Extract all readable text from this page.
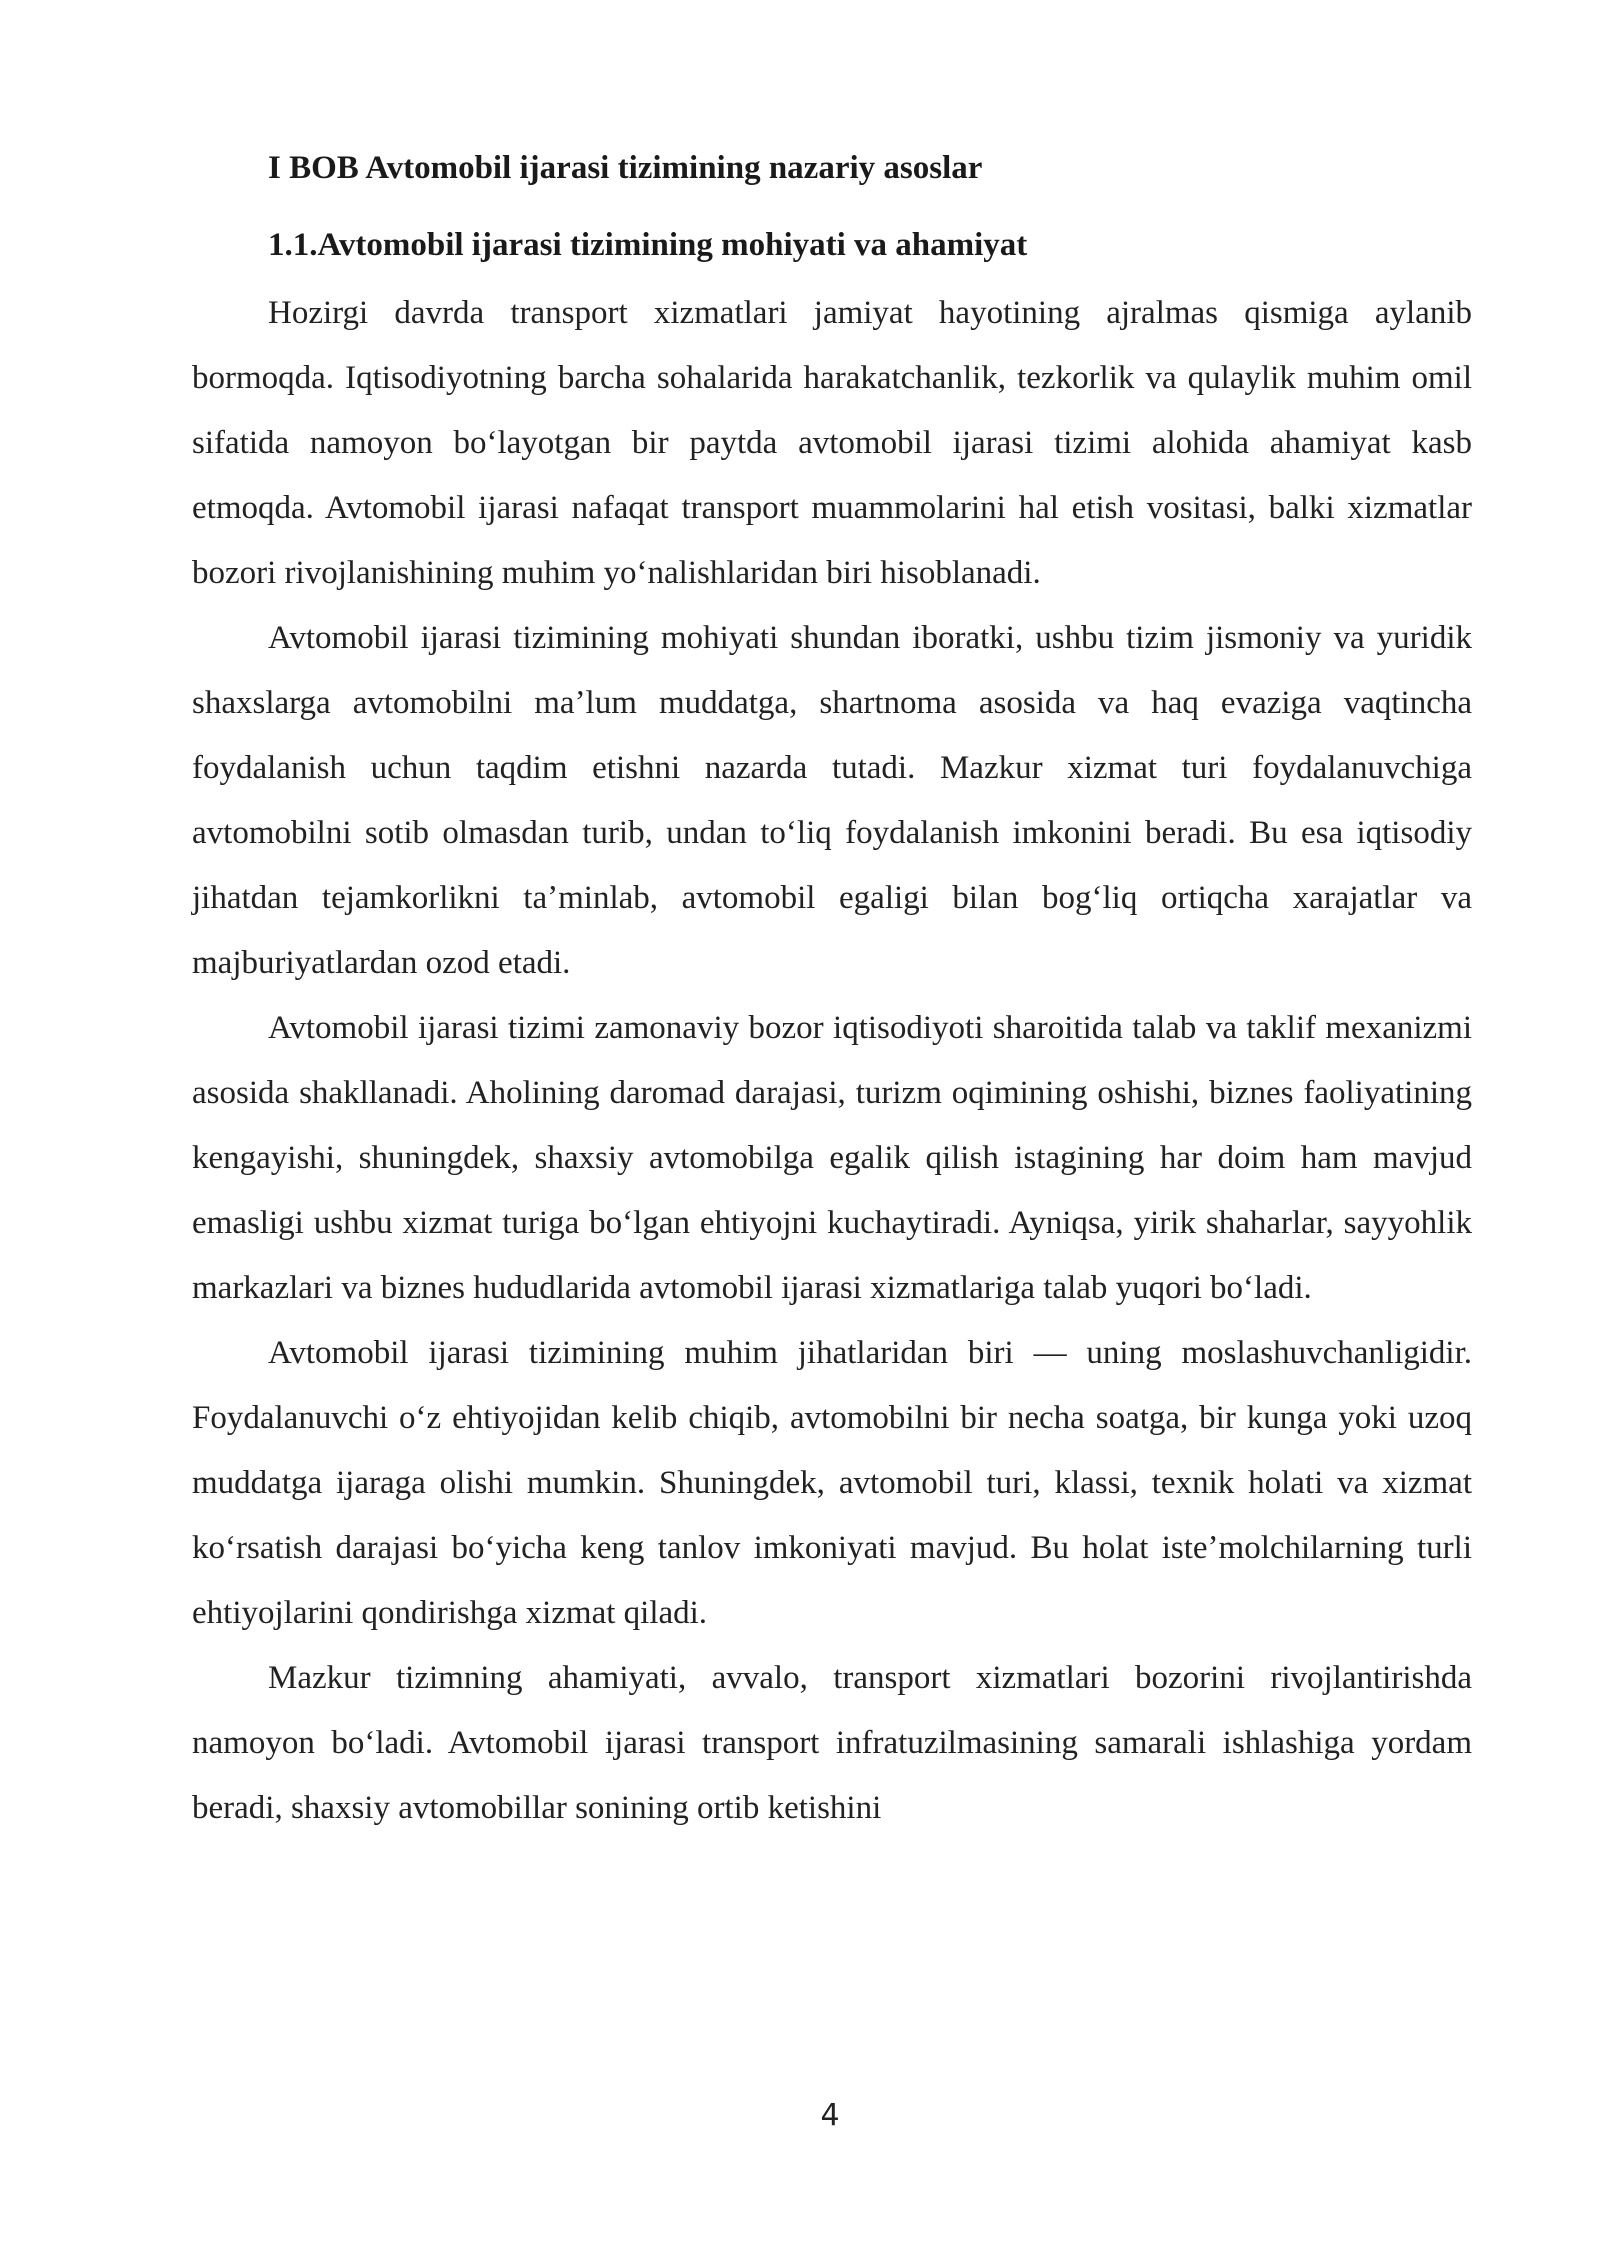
I BOB Avtomobil ijarasi tizimining nazariy asoslar

1.1.Avtomobil ijarasi tizimining mohiyati va ahamiyat

Hozirgi davrda transport xizmatlari jamiyat hayotining ajralmas qismiga aylanib bormoqda. Iqtisodiyotning barcha sohalarida harakatchanlik, tezkorlik va qulaylik muhim omil sifatida namoyon boʻlayotgan bir paytda avtomobil ijarasi tizimi alohida ahamiyat kasb etmoqda. Avtomobil ijarasi nafaqat transport muammolarini hal etish vositasi, balki xizmatlar bozori rivojlanishining muhim yoʻnalishlaridan biri hisoblanadi.

Avtomobil ijarasi tizimining mohiyati shundan iboratki, ushbu tizim jismoniy va yuridik shaxslarga avtomobilni maʼlum muddatga, shartnoma asosida va haq evaziga vaqtincha foydalanish uchun taqdim etishni nazarda tutadi. Mazkur xizmat turi foydalanuvchiga avtomobilni sotib olmasdan turib, undan toʻliq foydalanish imkonini beradi. Bu esa iqtisodiy jihatdan tejamkorlikni taʼminlab, avtomobil egaligi bilan bogʻliq ortiqcha xarajatlar va majburiyatlardan ozod etadi.

Avtomobil ijarasi tizimi zamonaviy bozor iqtisodiyoti sharoitida talab va taklif mexanizmi asosida shakllanadi. Aholining daromad darajasi, turizm oqimining oshishi, biznes faoliyatining kengayishi, shuningdek, shaxsiy avtomobilga egalik qilish istagining har doim ham mavjud emasligi ushbu xizmat turiga boʻlgan ehtiyojni kuchaytiradi. Ayniqsa, yirik shaharlar, sayyohlik markazlari va biznes hududlarida avtomobil ijarasi xizmatlariga talab yuqori boʻladi.

Avtomobil ijarasi tizimining muhim jihatlaridan biri — uning moslashuvchanligidir. Foydalanuvchi oʻz ehtiyojidan kelib chiqib, avtomobilni bir necha soatga, bir kunga yoki uzoq muddatga ijaraga olishi mumkin. Shuningdek, avtomobil turi, klassi, texnik holati va xizmat koʻrsatish darajasi boʻyicha keng tanlov imkoniyati mavjud. Bu holat isteʼmolchilarning turli ehtiyojlarini qondirishga xizmat qiladi.

Mazkur tizimning ahamiyati, avvalo, transport xizmatlari bozorini rivojlantirishda namoyon boʻladi. Avtomobil ijarasi transport infratuzilmasining samarali ishlashiga yordam beradi, shaxsiy avtomobillar sonining ortib ketishini

4
